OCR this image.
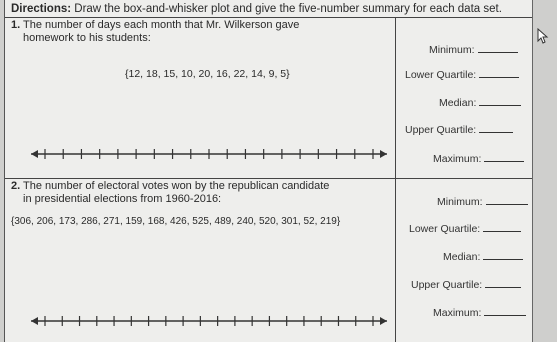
Directions: Draw the box-and-whisker plot and give the five-number summary for each data set.
1. The number of days each month that Mr. Wilkerson gave
homework to his students:
{12, 18, 15, 10, 20, 16, 22, 14, 9, 5}
Minimum:
Lower Quartile:
Median:
Upper Quartile:
Maximum:
2. The number of electoral votes won by the republican candidate
in presidential elections from 1960-2016:
{306, 206, 173, 286, 271, 159, 168, 426, 525, 489, 240, 520, 301, 52, 219}
Minimum:
Lower Quartile:
Median:
Upper Quartile:
Maximum:
